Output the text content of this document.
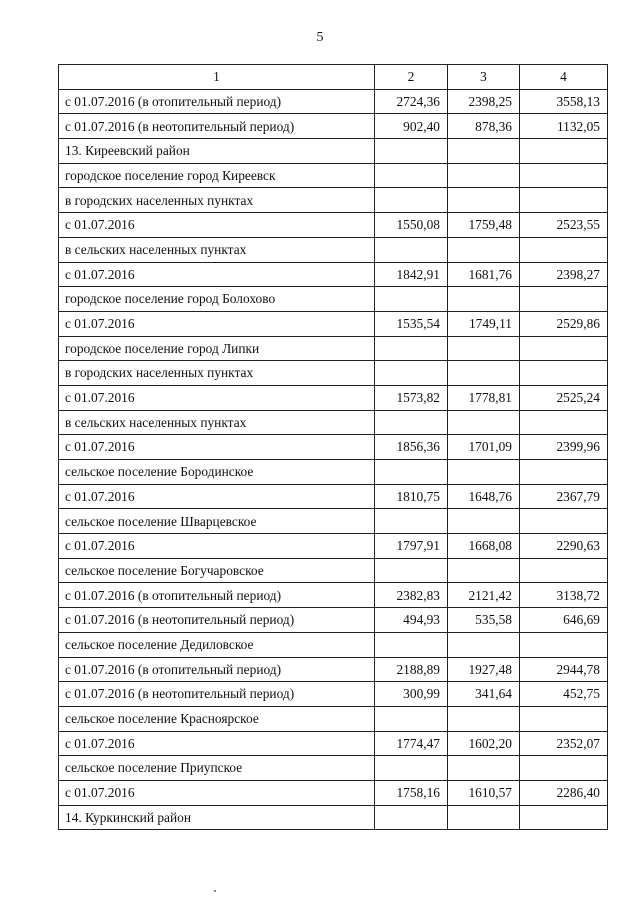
5
1	2	3	4
с 01.07.2016 (в отопительный период)	2724,36	2398,25	3558,13
с 01.07.2016 (в неотопительный период)	902,40	878,36	1132,05
13. Киреевский район			
городское поселение город Киреевск			
в городских населенных пунктах			
с 01.07.2016	1550,08	1759,48	2523,55
в сельских населенных пунктах			
с 01.07.2016	1842,91	1681,76	2398,27
городское поселение город Болохово			
с 01.07.2016	1535,54	1749,11	2529,86
городское поселение город Липки			
в городских населенных пунктах			
с 01.07.2016	1573,82	1778,81	2525,24
в сельских населенных пунктах			
с 01.07.2016	1856,36	1701,09	2399,96
сельское поселение Бородинское			
с 01.07.2016	1810,75	1648,76	2367,79
сельское поселение Шварцевское			
с 01.07.2016	1797,91	1668,08	2290,63
сельское поселение Богучаровское			
с 01.07.2016 (в отопительный период)	2382,83	2121,42	3138,72
с 01.07.2016 (в неотопительный период)	494,93	535,58	646,69
сельское поселение Дедиловское			
с 01.07.2016 (в отопительный период)	2188,89	1927,48	2944,78
с 01.07.2016 (в неотопительный период)	300,99	341,64	452,75
сельское поселение Красноярское			
с 01.07.2016	1774,47	1602,20	2352,07
сельское поселение Приупское			
с 01.07.2016	1758,16	1610,57	2286,40
14. Куркинский район			
